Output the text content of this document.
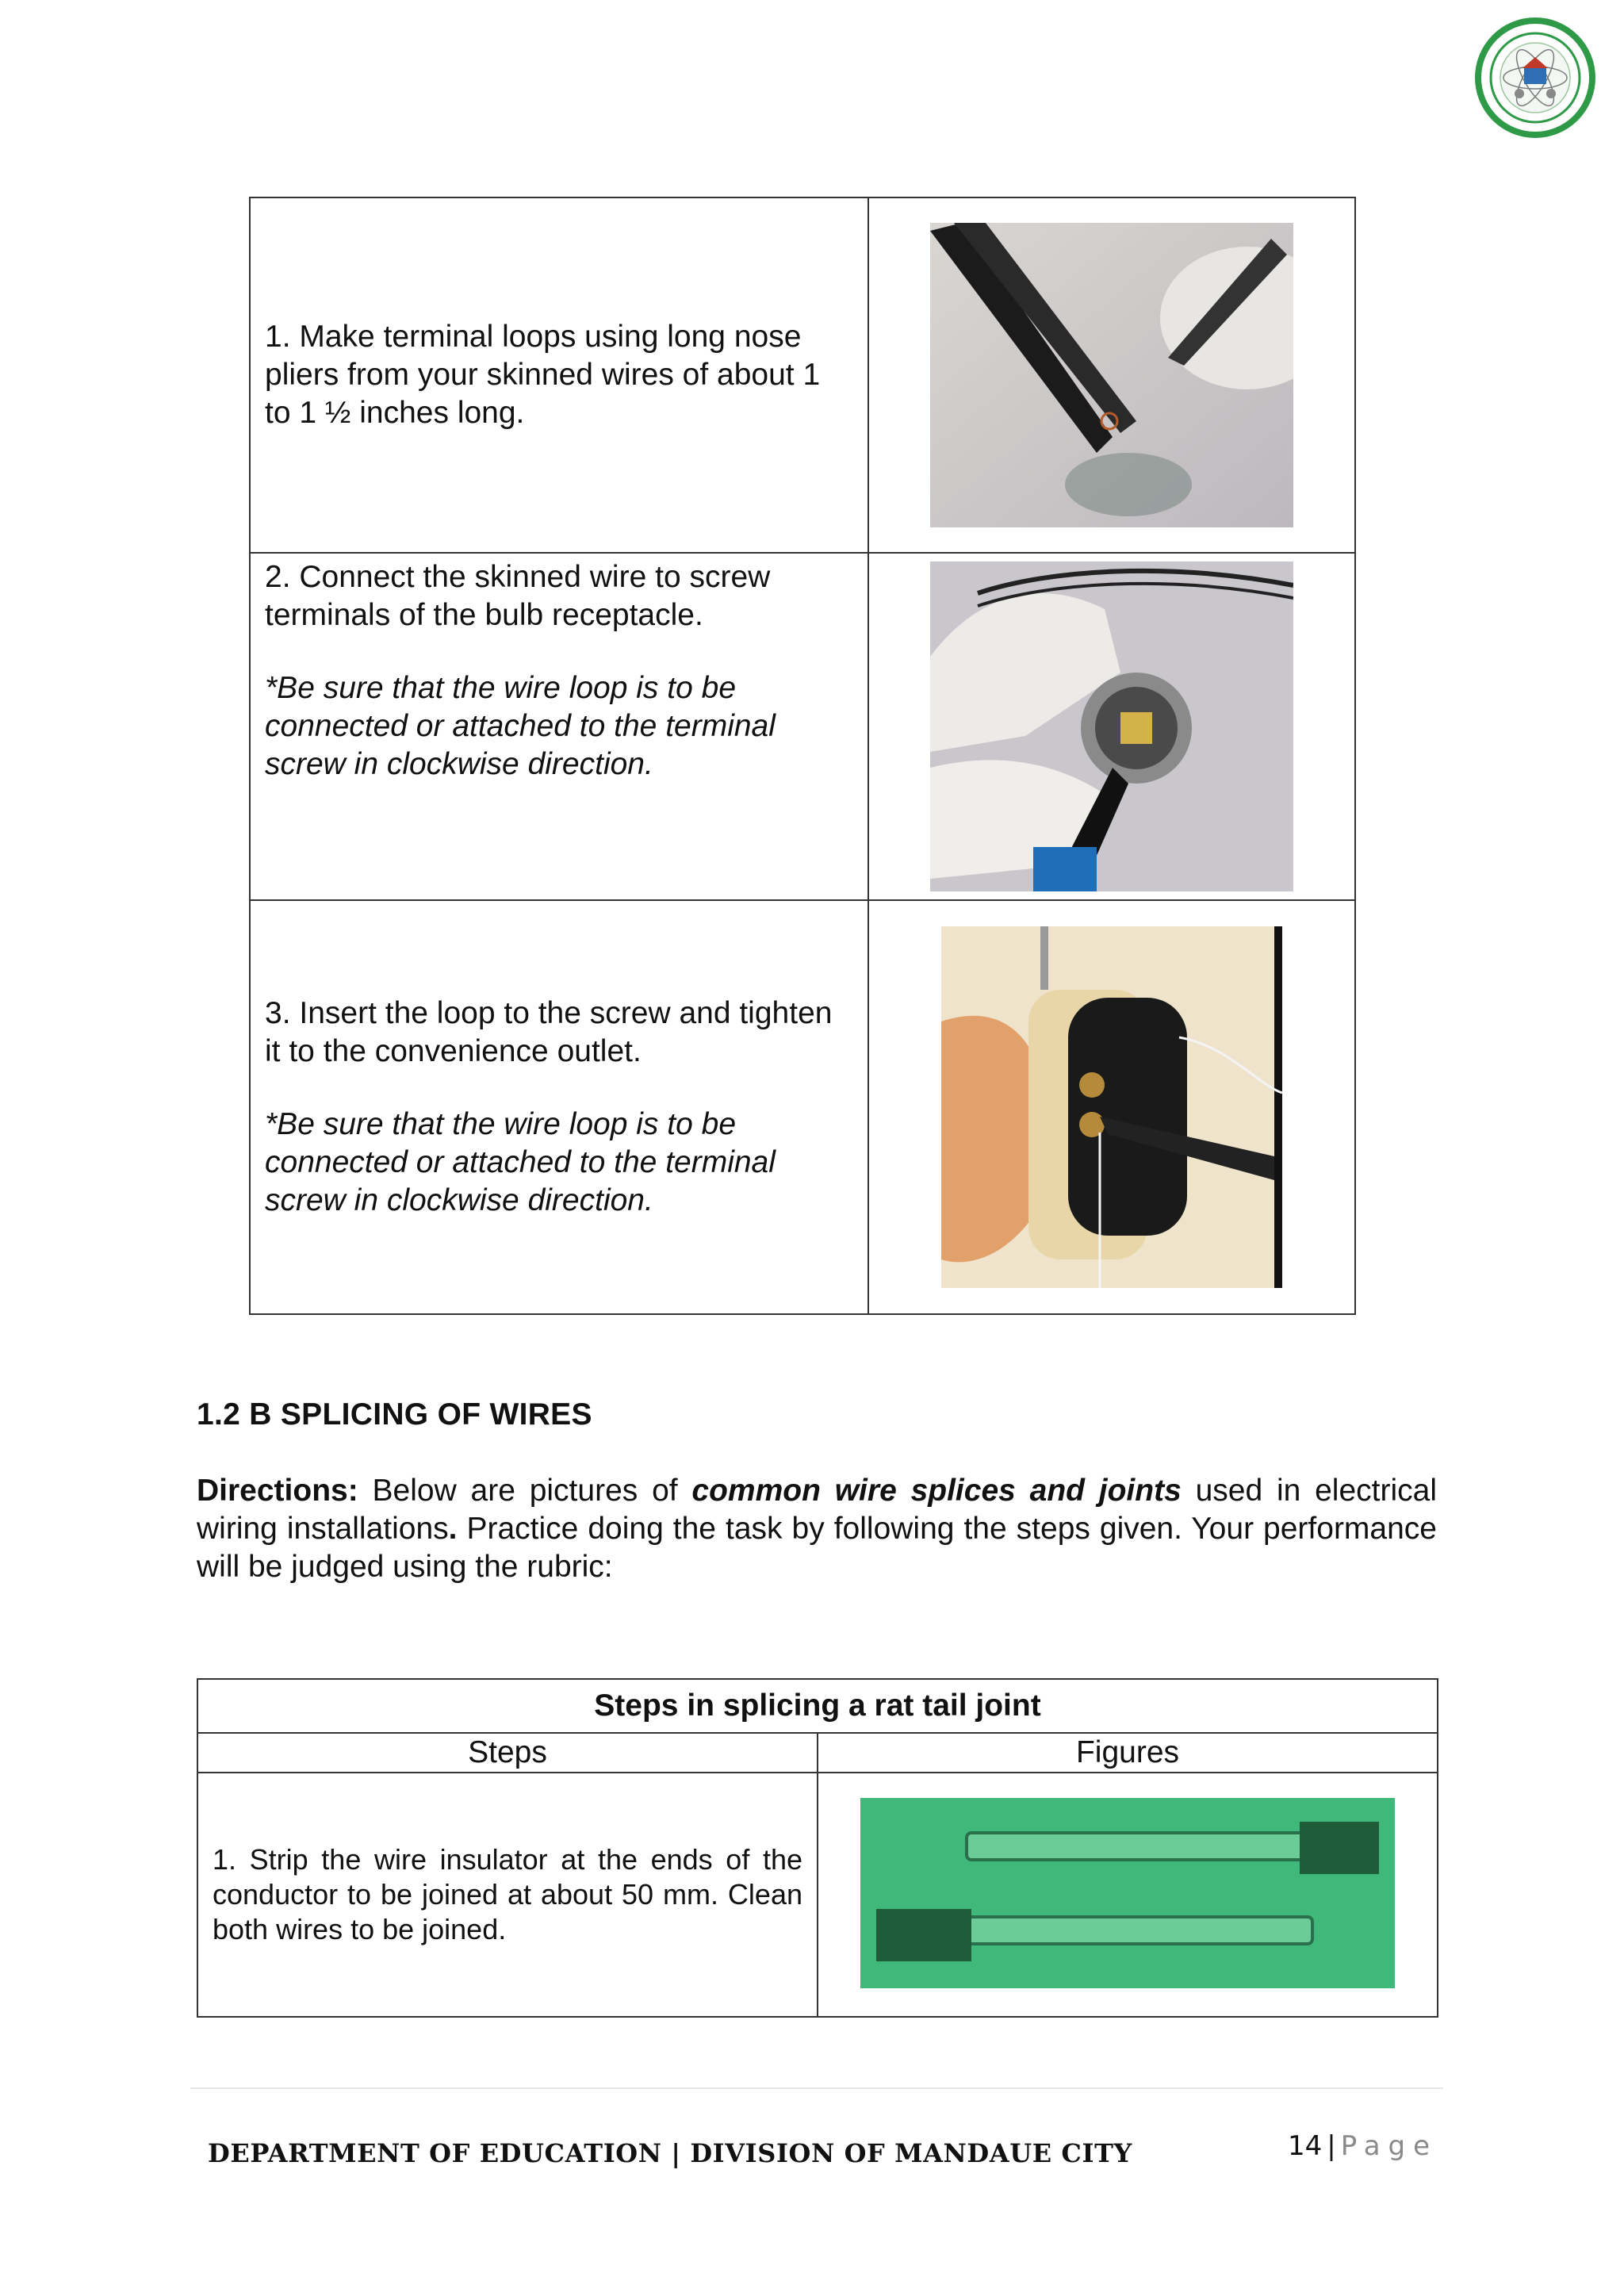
1. Make terminal loops using long nose pliers from your skinned wires of about 1 to 1 ½ inches long.

2. Connect the skinned wire to screw terminals of the bulb receptacle.

*Be sure that the wire loop is to be connected or attached to the terminal screw in clockwise direction.

3. Insert the loop to the screw and tighten it to the convenience outlet.

*Be sure that the wire loop is to be connected or attached to the terminal screw in clockwise direction.

1.2 B SPLICING OF WIRES

Directions: Below are pictures of common wire splices and joints used in electrical wiring installations. Practice doing the task by following the steps given. Your performance will be judged using the rubric:

Steps in splicing a rat tail joint	
Steps	Figures
1. Strip the wire insulator at the ends of the conductor to be joined at about 50 mm. Clean both wires to be joined.	
DEPARTMENT OF EDUCATION | DIVISION OF MANDAUE CITY	14 | Page
